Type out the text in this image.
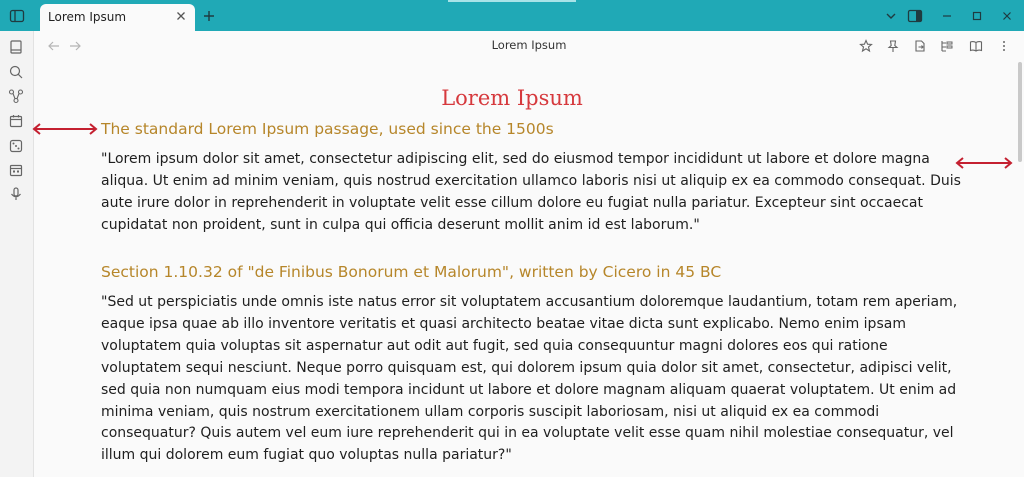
Lorem Ipsum
Lorem Ipsum
Lorem Ipsum
The standard Lorem Ipsum passage, used since the 1500s
"Lorem ipsum dolor sit amet, consectetur adipiscing elit, sed do eiusmod tempor incididunt ut labore et dolore magna aliqua. Ut enim ad minim veniam, quis nostrud exercitation ullamco laboris nisi ut aliquip ex ea commodo consequat. Duis aute irure dolor in reprehenderit in voluptate velit esse cillum dolore eu fugiat nulla pariatur. Excepteur sint occaecat cupidatat non proident, sunt in culpa qui officia deserunt mollit anim id est laborum."
Section 1.10.32 of "de Finibus Bonorum et Malorum", written by Cicero in 45 BC
"Sed ut perspiciatis unde omnis iste natus error sit voluptatem accusantium doloremque laudantium, totam rem aperiam, eaque ipsa quae ab illo inventore veritatis et quasi architecto beatae vitae dicta sunt explicabo. Nemo enim ipsam voluptatem quia voluptas sit aspernatur aut odit aut fugit, sed quia consequuntur magni dolores eos qui ratione voluptatem sequi nesciunt. Neque porro quisquam est, qui dolorem ipsum quia dolor sit amet, consectetur, adipisci velit, sed quia non numquam eius modi tempora incidunt ut labore et dolore magnam aliquam quaerat voluptatem. Ut enim ad minima veniam, quis nostrum exercitationem ullam corporis suscipit laboriosam, nisi ut aliquid ex ea commodi consequatur? Quis autem vel eum iure reprehenderit qui in ea voluptate velit esse quam nihil molestiae consequatur, vel illum qui dolorem eum fugiat quo voluptas nulla pariatur?"
